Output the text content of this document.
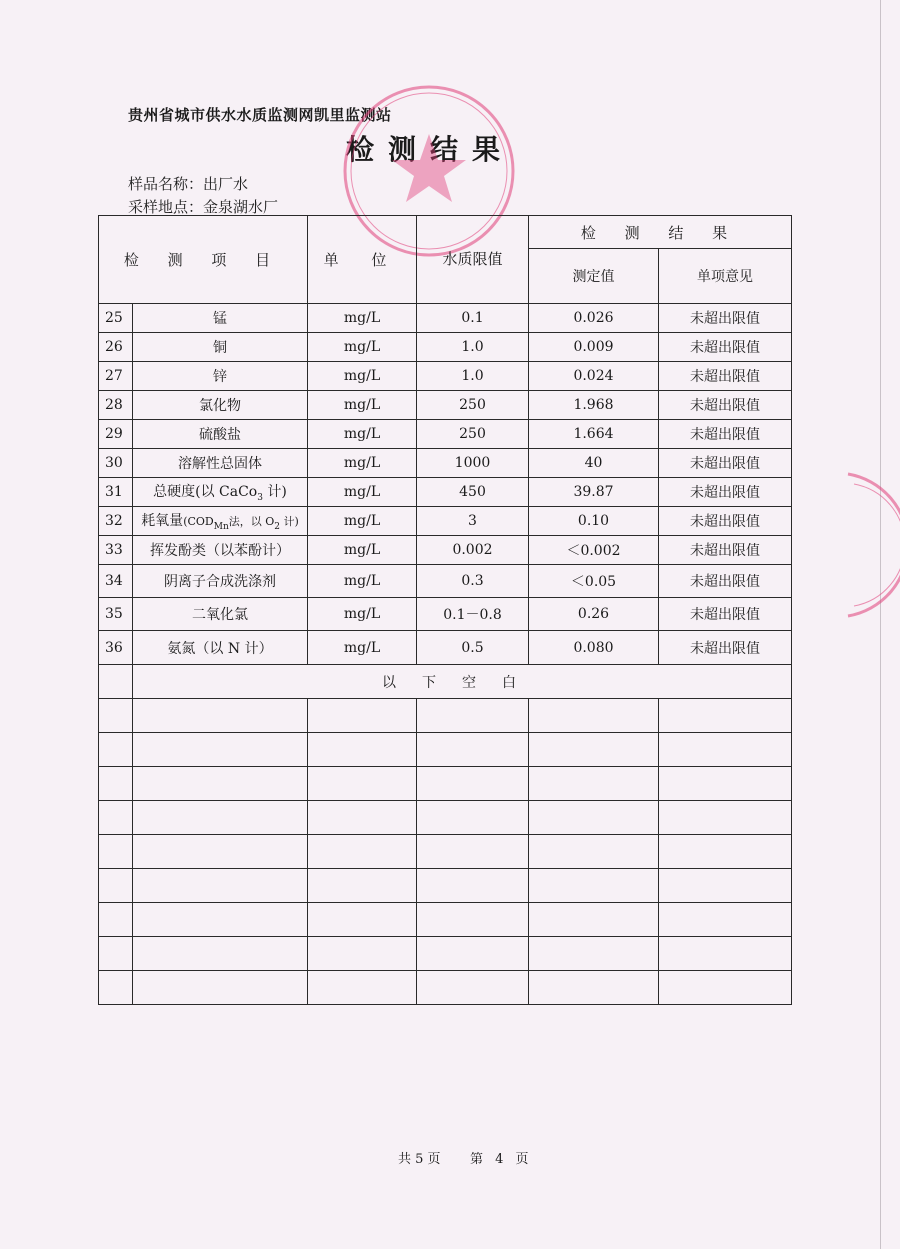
贵州省城市供水水质监测网凯里监测站
检测结果
样品名称：出厂水
采样地点：金泉湖水厂
检 测 项 目		单 位	水质限值	检 测 结 果	
				测定值	单项意见
25	锰	mg/L	0.1	0.026	未超出限值
26	铜	mg/L	1.0	0.009	未超出限值
27	锌	mg/L	1.0	0.024	未超出限值
28	氯化物	mg/L	250	1.968	未超出限值
29	硫酸盐	mg/L	250	1.664	未超出限值
30	溶解性总固体	mg/L	1000	40	未超出限值
31	总硬度(以 CaCo$_3$ 计)	mg/L	450	39.87	未超出限值
32	耗氧量($COD_{Mn}$法，以 $O_2$ 计)	mg/L	3	0.10	未超出限值
33	挥发酚类（以苯酚计）	mg/L	0.002	＜0.002	未超出限值
34	阴离子合成洗涤剂	mg/L	0.3	＜0.05	未超出限值
35	二氧化氯	mg/L	0.1－0.8	0.26	未超出限值
36	氨氮（以 N 计）	mg/L	0.5	0.080	未超出限值
	以下空白				

共 5 页 第 4 页
